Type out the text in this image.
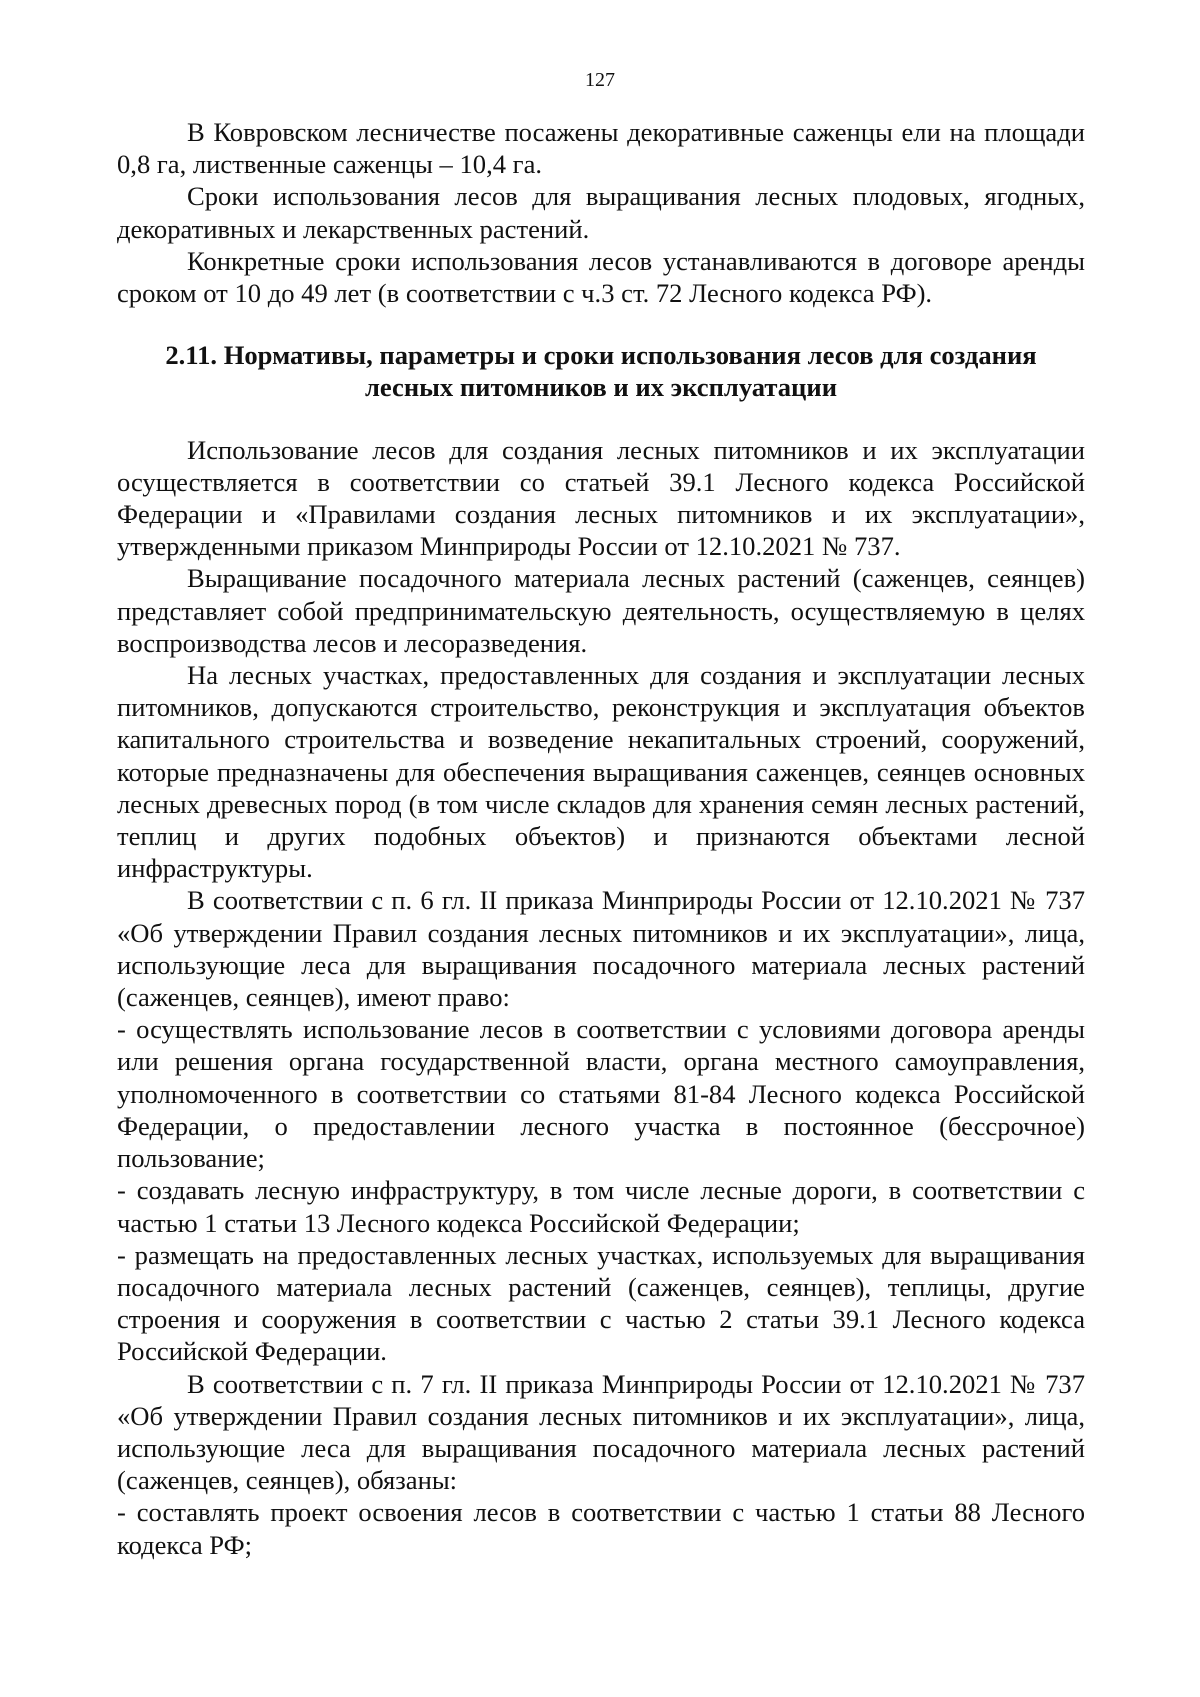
127

В Ковровском лесничестве посажены декоративные саженцы ели на площади 0,8 га, лиственные саженцы – 10,4 га.

Сроки использования лесов для выращивания лесных плодовых, ягодных, декоративных и лекарственных растений.

Конкретные сроки использования лесов устанавливаются в договоре аренды сроком от 10 до 49 лет (в соответствии с ч.3 ст. 72 Лесного кодекса РФ).

2.11. Нормативы, параметры и сроки использования лесов для создания
лесных питомников и их эксплуатации

Использование лесов для создания лесных питомников и их эксплуатации осуществляется в соответствии со статьей 39.1 Лесного кодекса Российской Федерации и «Правилами создания лесных питомников и их эксплуатации», утвержденными приказом Минприроды России от 12.10.2021 № 737.

Выращивание посадочного материала лесных растений (саженцев, сеянцев) представляет собой предпринимательскую деятельность, осуществляемую в целях воспроизводства лесов и лесоразведения.

На лесных участках, предоставленных для создания и эксплуатации лесных питомников, допускаются строительство, реконструкция и эксплуатация объектов капитального строительства и возведение некапитальных строений, сооружений, которые предназначены для обеспечения выращивания саженцев, сеянцев основных лесных древесных пород (в том числе складов для хранения семян лесных растений, теплиц и других подобных объектов) и признаются объектами лесной инфраструктуры.

В соответствии с п. 6 гл. II приказа Минприроды России от 12.10.2021 № 737 «Об утверждении Правил создания лесных питомников и их эксплуатации», лица, использующие леса для выращивания посадочного материала лесных растений (саженцев, сеянцев), имеют право:

- осуществлять использование лесов в соответствии с условиями договора аренды или решения органа государственной власти, органа местного самоуправления, уполномоченного в соответствии со статьями 81-84 Лесного кодекса Российской Федерации, о предоставлении лесного участка в постоянное (бессрочное) пользование;

- создавать лесную инфраструктуру, в том числе лесные дороги, в соответствии с частью 1 статьи 13 Лесного кодекса Российской Федерации;

- размещать на предоставленных лесных участках, используемых для выращивания посадочного материала лесных растений (саженцев, сеянцев), теплицы, другие строения и сооружения в соответствии с частью 2 статьи 39.1 Лесного кодекса Российской Федерации.

В соответствии с п. 7 гл. II приказа Минприроды России от 12.10.2021 № 737 «Об утверждении Правил создания лесных питомников и их эксплуатации», лица, использующие леса для выращивания посадочного материала лесных растений (саженцев, сеянцев), обязаны:

- составлять проект освоения лесов в соответствии с частью 1 статьи 88 Лесного кодекса РФ;
